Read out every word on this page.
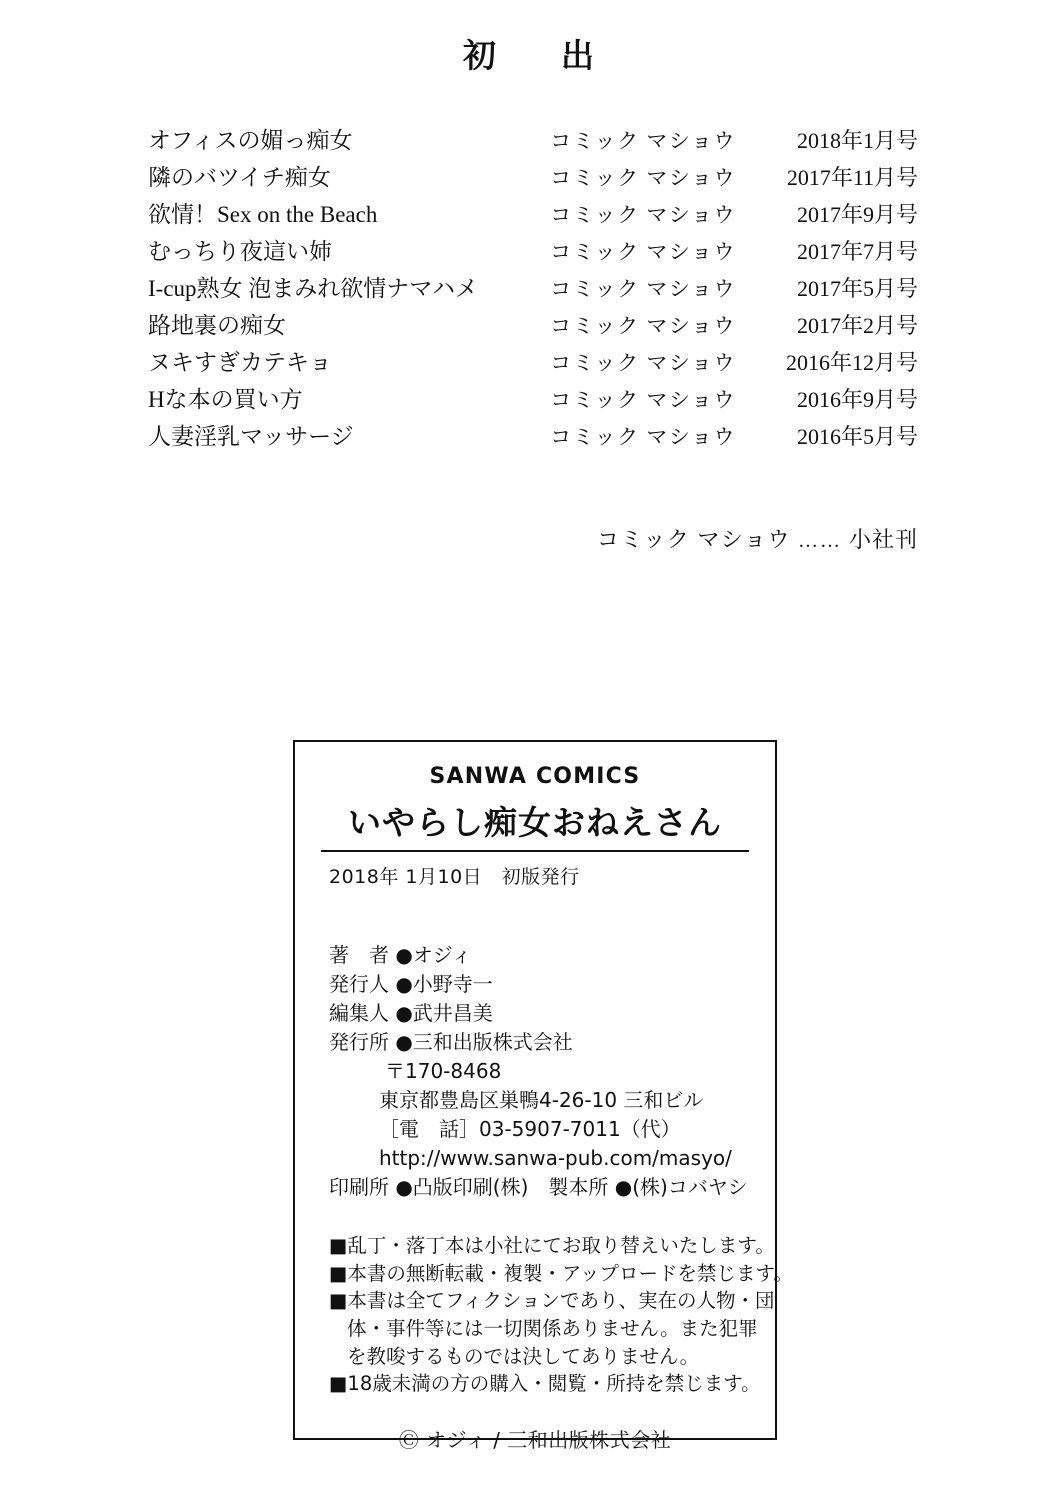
初　出
オフィスの媚っ痴女	コミック マショウ	2018年1月号
隣のバツイチ痴女	コミック マショウ	2017年11月号
欲情！Sex on the Beach	コミック マショウ	2017年9月号
むっちり夜這い姉	コミック マショウ	2017年7月号
I-cup熟女 泡まみれ欲情ナマハメ	コミック マショウ	2017年5月号
路地裏の痴女	コミック マショウ	2017年2月号
ヌキすぎカテキョ	コミック マショウ	2016年12月号
Hな本の買い方	コミック マショウ	2016年9月号
人妻淫乳マッサージ	コミック マショウ	2016年5月号
コミック マショウ …… 小社刊
SANWA COMICS
いやらし痴女おねえさん
2018年 1月10日　初版発行
著　者 ●オジィ
発行人 ●小野寺一
編集人 ●武井昌美
発行所 ●三和出版株式会社
〒170-8468
東京都豊島区巣鴨4-26-10 三和ビル
［電　話］03-5907-7011（代）
http://www.sanwa-pub.com/masyo/
印刷所 ●凸版印刷(株)　製本所 ●(株)コバヤシ
■乱丁・落丁本は小社にてお取り替えいたします。
■本書の無断転載・複製・アップロードを禁じます。
■本書は全てフィクションであり、実在の人物・団
体・事件等には一切関係ありません。また犯罪
を教唆するものでは決してありません。
■18歳未満の方の購入・閲覧・所持を禁じます。
Ⓒ オジィ / 三和出版株式会社
